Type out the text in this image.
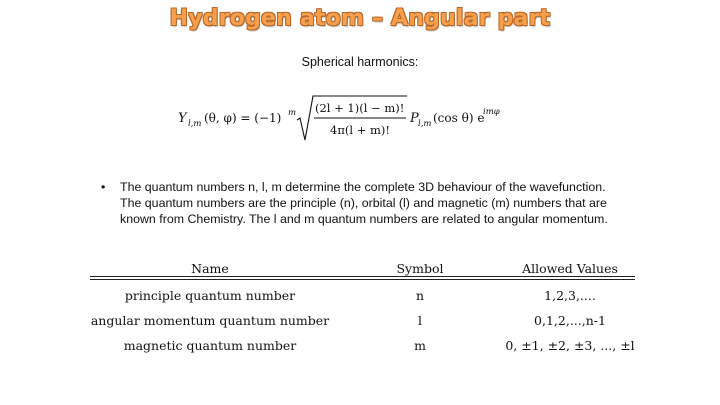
Hydrogen atom – Angular part
Spherical harmonics:
Y l,m (θ, φ) = (−1) m (2l + 1)(l − m)!
4π(l + m)!
P l,m (cos θ) e
imφ
• The quantum numbers n, l, m determine the complete 3D behaviour of the wavefunction.
The quantum numbers are the principle (n), orbital (l) and magnetic (m) numbers that are
known from Chemistry. The l and m quantum numbers are related to angular momentum.
Name	Symbol	Allowed Values
principle quantum number	n	1,2,3,....
angular momentum quantum number	l	0,1,2,...,n-1
magnetic quantum number	m	0, ±1, ±2, ±3, ..., ±l
